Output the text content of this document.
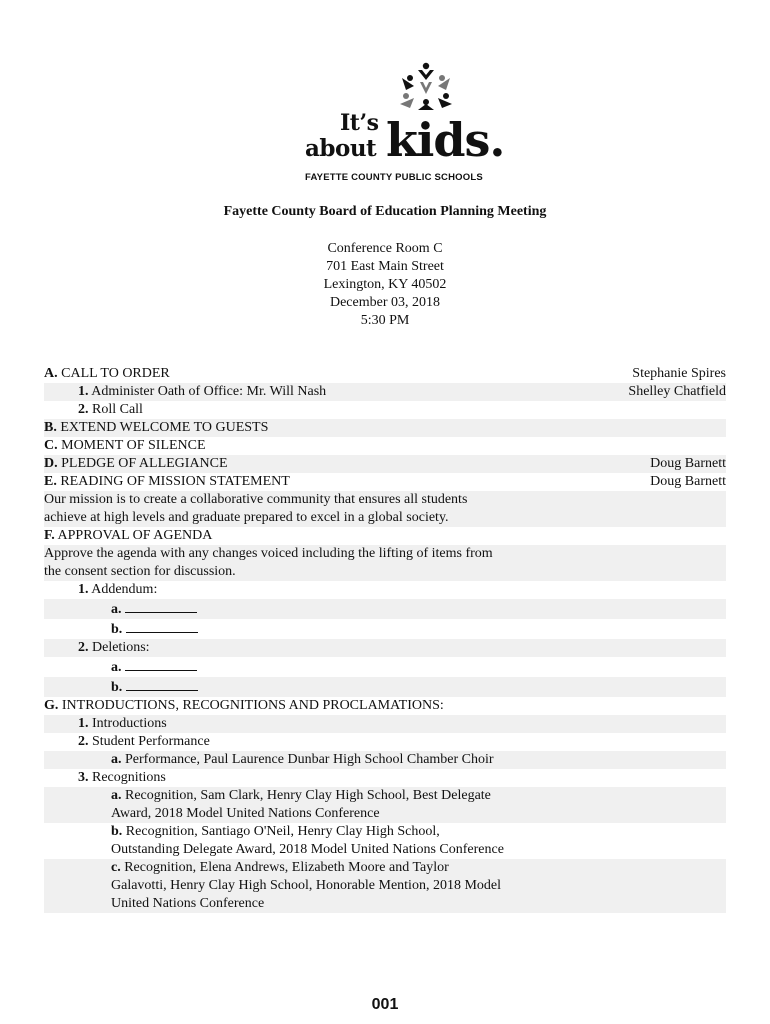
It’s
about kids.
FAYETTE COUNTY PUBLIC SCHOOLS
Fayette County Board of Education Planning Meeting
Conference Room C
701 East Main Street
Lexington, KY 40502
December 03, 2018
5:30 PM
A. CALL TO ORDER	Stephanie Spires
1. Administer Oath of Office: Mr. Will Nash	Shelley Chatfield
2. Roll Call
B. EXTEND WELCOME TO GUESTS
C. MOMENT OF SILENCE
D. PLEDGE OF ALLEGIANCE	Doug Barnett
E. READING OF MISSION STATEMENT	Doug Barnett
Our mission is to create a collaborative community that ensures all students achieve at high levels and graduate prepared to excel in a global society.
F. APPROVAL OF AGENDA
Approve the agenda with any changes voiced including the lifting of items from the consent section for discussion.
1. Addendum:
a.
b.
2. Deletions:
a.
b.
G. INTRODUCTIONS, RECOGNITIONS AND PROCLAMATIONS:
1. Introductions
2. Student Performance
a. Performance, Paul Laurence Dunbar High School Chamber Choir
3. Recognitions
a. Recognition, Sam Clark, Henry Clay High School, Best Delegate Award, 2018 Model United Nations Conference
b. Recognition, Santiago O'Neil, Henry Clay High School, Outstanding Delegate Award, 2018 Model United Nations Conference
c. Recognition, Elena Andrews, Elizabeth Moore and Taylor Galavotti, Henry Clay High School, Honorable Mention, 2018 Model United Nations Conference
001
